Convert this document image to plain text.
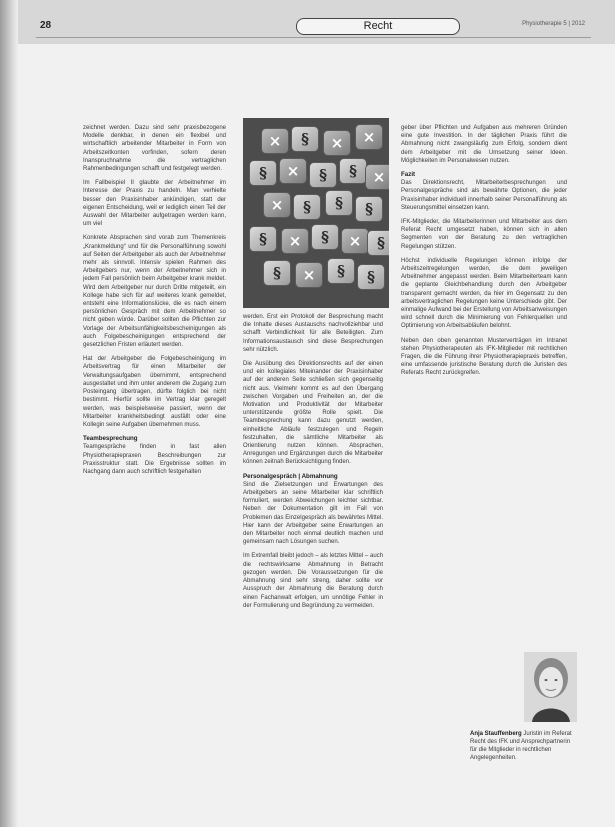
28	Recht	Physiotherapie 5 | 2012

zeichnet werden. Dazu sind sehr praxisbezogene Modelle denkbar, in denen ein flexibel und wirtschaftlich arbeitender Mitarbeiter in Form von Arbeitszeitkonten vorfinden, sofern deren Inanspruchnahme die vertraglichen Rahmenbedingungen schafft und festgelegt werden.

Im Fallbeispiel II glaubte der Arbeitnehmer im Interesse der Praxis zu handeln. Man verhielte besser den Praxisinhaber ankündigen, statt der eigenen Entscheidung, weil er lediglich einen Teil der Auswahl der Mitarbeiter aufgetragen werden kann, um viel

Konkrete Absprachen sind vorab zum Themenkreis „Krankmeldung“ und für die Personalführung sowohl auf Seiten der Arbeitgeber als auch der Arbeitnehmer mehr als sinnvoll. Intensiv spielen Rahmen des Arbeitgebers nur, wenn der Arbeitnehmer sich in jedem Fall persönlich beim Arbeitgeber krank meldet. Wird dem Arbeitgeber nur durch Dritte mitgeteilt, ein Kollege habe sich für auf weiteres krank gemeldet, entsteht eine Informationslücke, die es nach einem persönlichen Gespräch mit dem Arbeitnehmer so nicht geben würde. Darüber sollten die Pflichten zur Vorlage der Arbeitsunfähigkeitsbescheinigungen als auch Folgebescheinigungen entsprechend der gesetzlichen Fristen erläutert werden.

Hat der Arbeitgeber die Folgebescheinigung im Arbeitsvertrag für einen Mitarbeiter der Verwaltungsaufgaben übernimmt, entsprechend ausgestaltet und ihm unter anderem die Zugang zum Posteingang übertragen, dürfte folglich bei nicht bestimmt. Hierfür sollte im Vertrag klar geregelt werden, was beispielsweise passiert, wenn der Mitarbeiter krankheitsbedingt ausfällt oder eine Kollegin seine Aufgaben übernehmen muss.

Teambesprechung

Teamgespräche finden in fast allen Physiotherapiepraxen Beschreibungen zur Praxisstruktur statt. Die Ergebnisse sollten im Nachgang dann auch schriftlich festgehalten

×	§	×	×
§	×	§	§	×
×	§	§	§
§	×	§	×	§
§	×	§	§

werden. Erst ein Protokoll der Besprechung macht die Inhalte dieses Austauschs nachvollziehbar und schafft Verbindlichkeit für alle Beteiligten. Zum Informationsaustausch sind diese Besprechungen sehr nützlich.

Die Ausübung des Direktionsrechts auf der einen und ein kollegiales Miteinander der Praxisinhaber auf der anderen Seite schließen sich gegenseitig nicht aus. Vielmehr kommt es auf den Übergang zwischen Vorgaben und Freiheiten an, der die Motivation und Produktivität der Mitarbeiter unterstützende größte Rolle spielt. Die Teambesprechung kann dazu genutzt werden, einheitliche Abläufe festzulegen und Regeln festzuhalten, die sämtliche Mitarbeiter als Orientierung nutzen können. Absprachen, Anregungen und Ergänzungen durch die Mitarbeiter können zeitnah Berücksichtigung finden.

Personalgespräch | Abmahnung

Sind die Zielsetzungen und Erwartungen des Arbeitgebers an seine Mitarbeiter klar schriftlich formuliert, werden Abweichungen leichter sichtbar. Neben der Dokumentation gilt im Fall von Problemen das Einzelgespräch als bewährtes Mittel. Hier kann der Arbeitgeber seine Erwartungen an den Mitarbeiter noch einmal deutlich machen und gemeinsam nach Lösungen suchen.

Im Extremfall bleibt jedoch – als letztes Mittel – auch die rechtswirksame Abmahnung in Betracht gezogen werden. Die Voraussetzungen für die Abmahnung sind sehr streng, daher sollte vor Ausspruch der Abmahnung die Beratung durch einen Fachanwalt erfolgen, um unnötige Fehler in der Formulierung und Begründung zu vermeiden.

geber über Pflichten und Aufgaben aus mehreren Gründen eine gute Investition. In der täglichen Praxis führt die Abmahnung nicht zwangsläufig zum Erfolg, sondern dient dem Arbeitgeber mit die Umsetzung seiner Ideen. Möglichkeiten im Personalwesen nutzen.

Fazit

Das Direktionsrecht, Mitarbeiterbesprechungen und Personalgespräche sind als bewährte Optionen, die jeder Praxisinhaber individuell innerhalb seiner Personalführung als Steuerungsmittel einsetzen kann.

IFK-Mitglieder, die Mitarbeiterinnen und Mitarbeiter aus dem Referat Recht umgesetzt haben, können sich in allen Segmenten von der Beratung zu den vertraglichen Regelungen stützen.

Höchst individuelle Regelungen können infolge der Arbeitszeitregelungen werden, die dem jeweiligen Arbeitnehmer angepasst werden. Beim Mitarbeiterteam kann die geplante Gleichbehandlung durch den Arbeitgeber transparent gemacht werden, da hier im Gegensatz zu den arbeitsvertraglichen Regelungen keine Unterschiede gibt. Der einmalige Aufwand bei der Erstellung von Arbeitsanweisungen wird schnell durch die Minimierung von Fehlerquellen und Optimierung von Arbeitsabläufen belohnt.

Neben den oben genannten Musterverträgen im Intranet stehen Physiotherapeuten als IFK-Mitglieder mit rechtlichen Fragen, die die Führung ihrer Physiotherapiepraxis betreffen, eine umfassende juristische Beratung durch die Juristen des Referats Recht zurückgreifen.

Anja Stauffenberg Juristin im Referat Recht des IFK und Ansprechpartnerin für die Mitglieder in rechtlichen Angelegenheiten.
